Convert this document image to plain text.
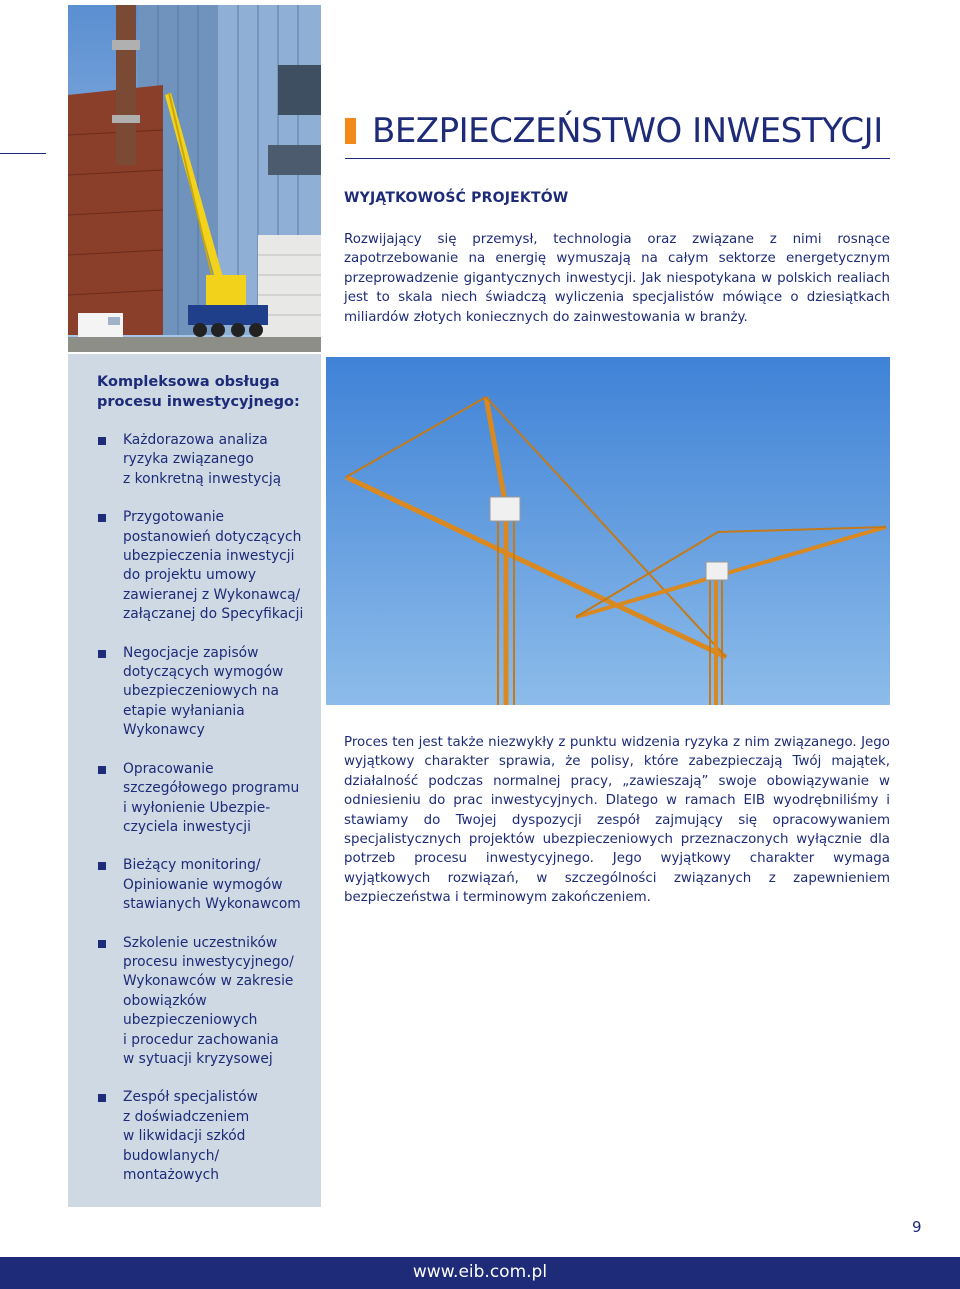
BEZPIECZEŃSTWO INWESTYCJI
WYJĄTKOWOŚĆ PROJEKTÓW
Rozwijający się przemysł, technologia oraz związane z nimi rosnące zapotrzebowanie na energię wymuszają na całym sektorze energetycznym przeprowadzenie gigantycznych inwestycji. Jak niespotykana w polskich realiach jest to skala niech świadczą wyliczenia specjalistów mówiące o dziesiątkach miliardów złotych koniecznych do zainwestowania w branży.
Kompleksowa obsługa
procesu inwestycyjnego:
Każdorazowa analiza
ryzyka związanego
z konkretną inwestycją
Przygotowanie
postanowień dotyczących
ubezpieczenia inwestycji
do projektu umowy
zawieranej z Wykonawcą/
załączanej do Specyfikacji
Negocjacje zapisów
dotyczących wymogów
ubezpieczeniowych na
etapie wyłaniania
Wykonawcy
Opracowanie
szczegółowego programu
i wyłonienie Ubezpie-
czyciela inwestycji
Bieżący monitoring/
Opiniowanie wymogów
stawianych Wykonawcom
Szkolenie uczestników
procesu inwestycyjnego/
Wykonawców w zakresie
obowiązków
ubezpieczeniowych
i procedur zachowania
w sytuacji kryzysowej
Zespół specjalistów
z doświadczeniem
w likwidacji szkód
budowlanych/
montażowych
Proces ten jest także niezwykły z punktu widzenia ryzyka z nim związanego. Jego wyjątkowy charakter sprawia, że polisy, które zabezpieczają Twój majątek, działalność podczas normalnej pracy, „zawieszają” swoje obowiązywanie w odniesieniu do prac inwestycyjnych. Dlatego w ramach EIB wyodrębniliśmy i stawiamy do Twojej dyspozycji zespół zajmujący się opracowywaniem specjalistycznych projektów ubezpieczeniowych przeznaczonych wyłącznie dla potrzeb procesu inwestycyjnego. Jego wyjątkowy charakter wymaga wyjątkowych rozwiązań, w szczególności związanych z zapewnieniem bezpieczeństwa i terminowym zakończeniem.
9
www.eib.com.pl
